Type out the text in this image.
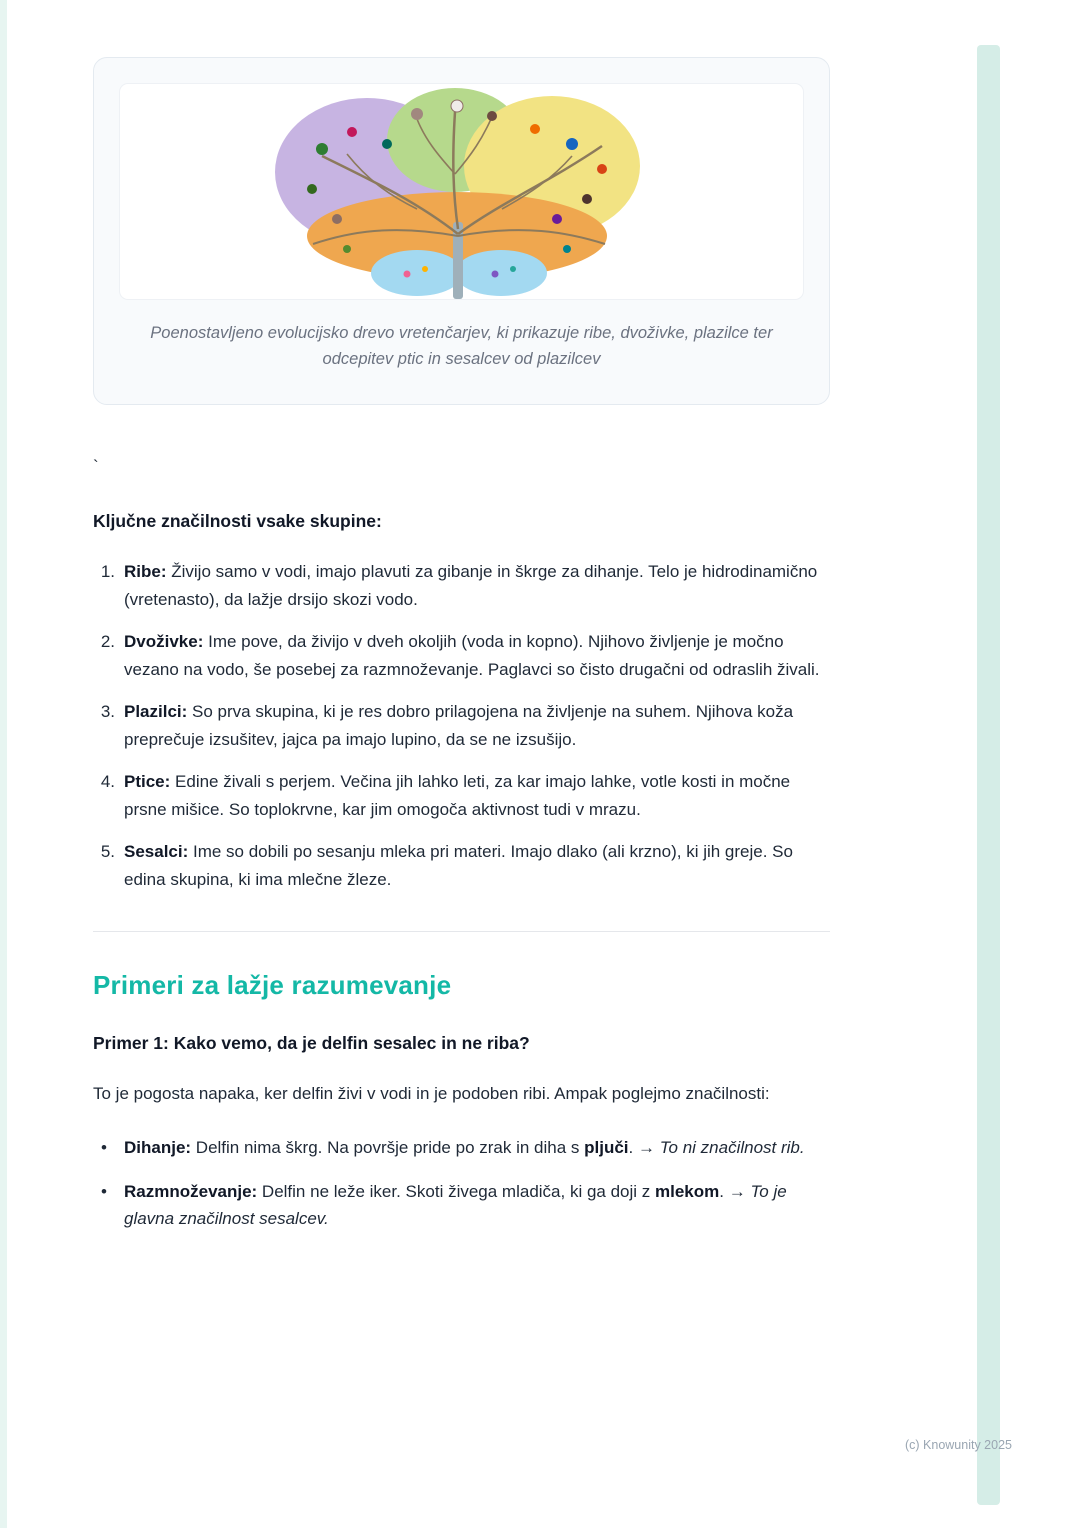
Poenostavljeno evolucijsko drevo vretenčarjev, ki prikazuje ribe, dvoživke, plazilce ter odcepitev ptic in sesalcev od plazilcev
`
Ključne značilnosti vsake skupine:
1. Ribe: Živijo samo v vodi, imajo plavuti za gibanje in škrge za dihanje. Telo je hidrodinamično (vretenasto), da lažje drsijo skozi vodo.
2. Dvoživke: Ime pove, da živijo v dveh okoljih (voda in kopno). Njihovo življenje je močno vezano na vodo, še posebej za razmnoževanje. Paglavci so čisto drugačni od odraslih živali.
3. Plazilci: So prva skupina, ki je res dobro prilagojena na življenje na suhem. Njihova koža preprečuje izsušitev, jajca pa imajo lupino, da se ne izsušijo.
4. Ptice: Edine živali s perjem. Večina jih lahko leti, za kar imajo lahke, votle kosti in močne prsne mišice. So toplokrvne, kar jim omogoča aktivnost tudi v mrazu.
5. Sesalci: Ime so dobili po sesanju mleka pri materi. Imajo dlako (ali krzno), ki jih greje. So edina skupina, ki ima mlečne žleze.
Primeri za lažje razumevanje
Primer 1: Kako vemo, da je delfin sesalec in ne riba?

To je pogosta napaka, ker delfin živi v vodi in je podoben ribi. Ampak poglejmo značilnosti:

•	Dihanje: Delfin nima škrg. Na površje pride po zrak in diha s pljuči. → To ni značilnost rib.
•	Razmnoževanje: Delfin ne leže iker. Skoti živega mladiča, ki ga doji z mlekom. → To je glavna značilnost sesalcev.
(c) Knowunity 2025
